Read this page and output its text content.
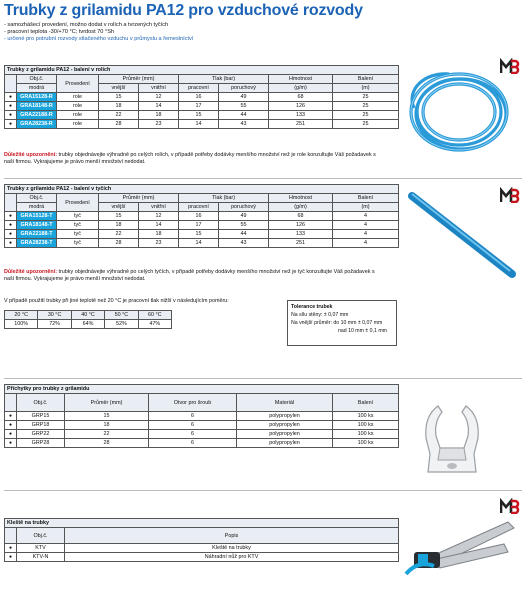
Trubky z grilamidu PA12 pro vzduchové rozvody
- samozhášecí provedení, možno dodat v rolích a tvrzených tyčích
- pracovní teplota -30/+70 °C; tvrdost 70 °Sh
- určené pro potrubní rozvody stlačeného vzduchu v průmyslu a řemeslníctví
Trubky z grilamidu PA12 - balení v rolích								
	Obj.č.	Provedení	Průměr (mm)		Tlak (bar)		Hmotnost	Balení
	modrá		vnější	vnitřní	pracovní	poruchový	(g/m)	(m)
●	GRA15128-R	role	15	12	16	49	68	25
●	GRA18148-R	role	18	14	17	55	126	25
●	GRA22188-R	role	22	18	15	44	133	25
●	GRA28238-R	role	28	23	14	43	251	25
Důležité upozornění: trubky objednávejte výhradně po celých rolích, v případě potřeby dodávky menšího množství než je role konzultujte Váš požadavek s naší firmou. Vykrajujeme je právo menší množství nedodat.
Trubky z grilamidu PA12 - balení v tyčích								
	Obj.č.	Provedení	Průměr (mm)		Tlak (bar)		Hmotnost	Balení
	modrá		vnější	vnitřní	pracovní	poruchový	(g/m)	(m)
●	GRA15128-T	tyč	15	12	16	49	68	4
●	GRA18148-T	tyč	18	14	17	55	126	4
●	GRA22188-T	tyč	22	18	15	44	133	4
●	GRA28238-T	tyč	28	23	14	43	251	4
Důležité upozornění: trubky objednávejte výhradně po celých tyčích, v případě potřeby dodávky menšího množství než je tyč konzultujte Váš požadavek s naší firmou. Vykrajujeme je právo menší množství nedodat.
V případě použití trubky při jiné teplotě než 20 °C je pracovní tlak nižší v následujícím poměru:
20 °C	30 °C	40 °C	50 °C	60 °C
100%	72%	64%	52%	47%
Tolerance trubek
Na sílu stěny: ± 0,07 mm
Na vnější průměr: do 10 mm ± 0,07 mm
nad 10 mm ± 0,1 mm
Příchytky pro trubky z grilamidu					
	Obj.č.	Průměr (mm)	Otvor pro šroub	Materiál	Balení
●	GRP15	15	6	polypropylen	100 ks
●	GRP18	18	6	polypropylen	100 ks
●	GRP22	22	6	polypropylen	100 ks
●	GRP28	28	6	polypropylen	100 ks
Kleště na trubky		
	Obj.č.	Popis
●	KTV	Kleště na trubky
●	KTV-N	Náhradní nůž pro KTV
